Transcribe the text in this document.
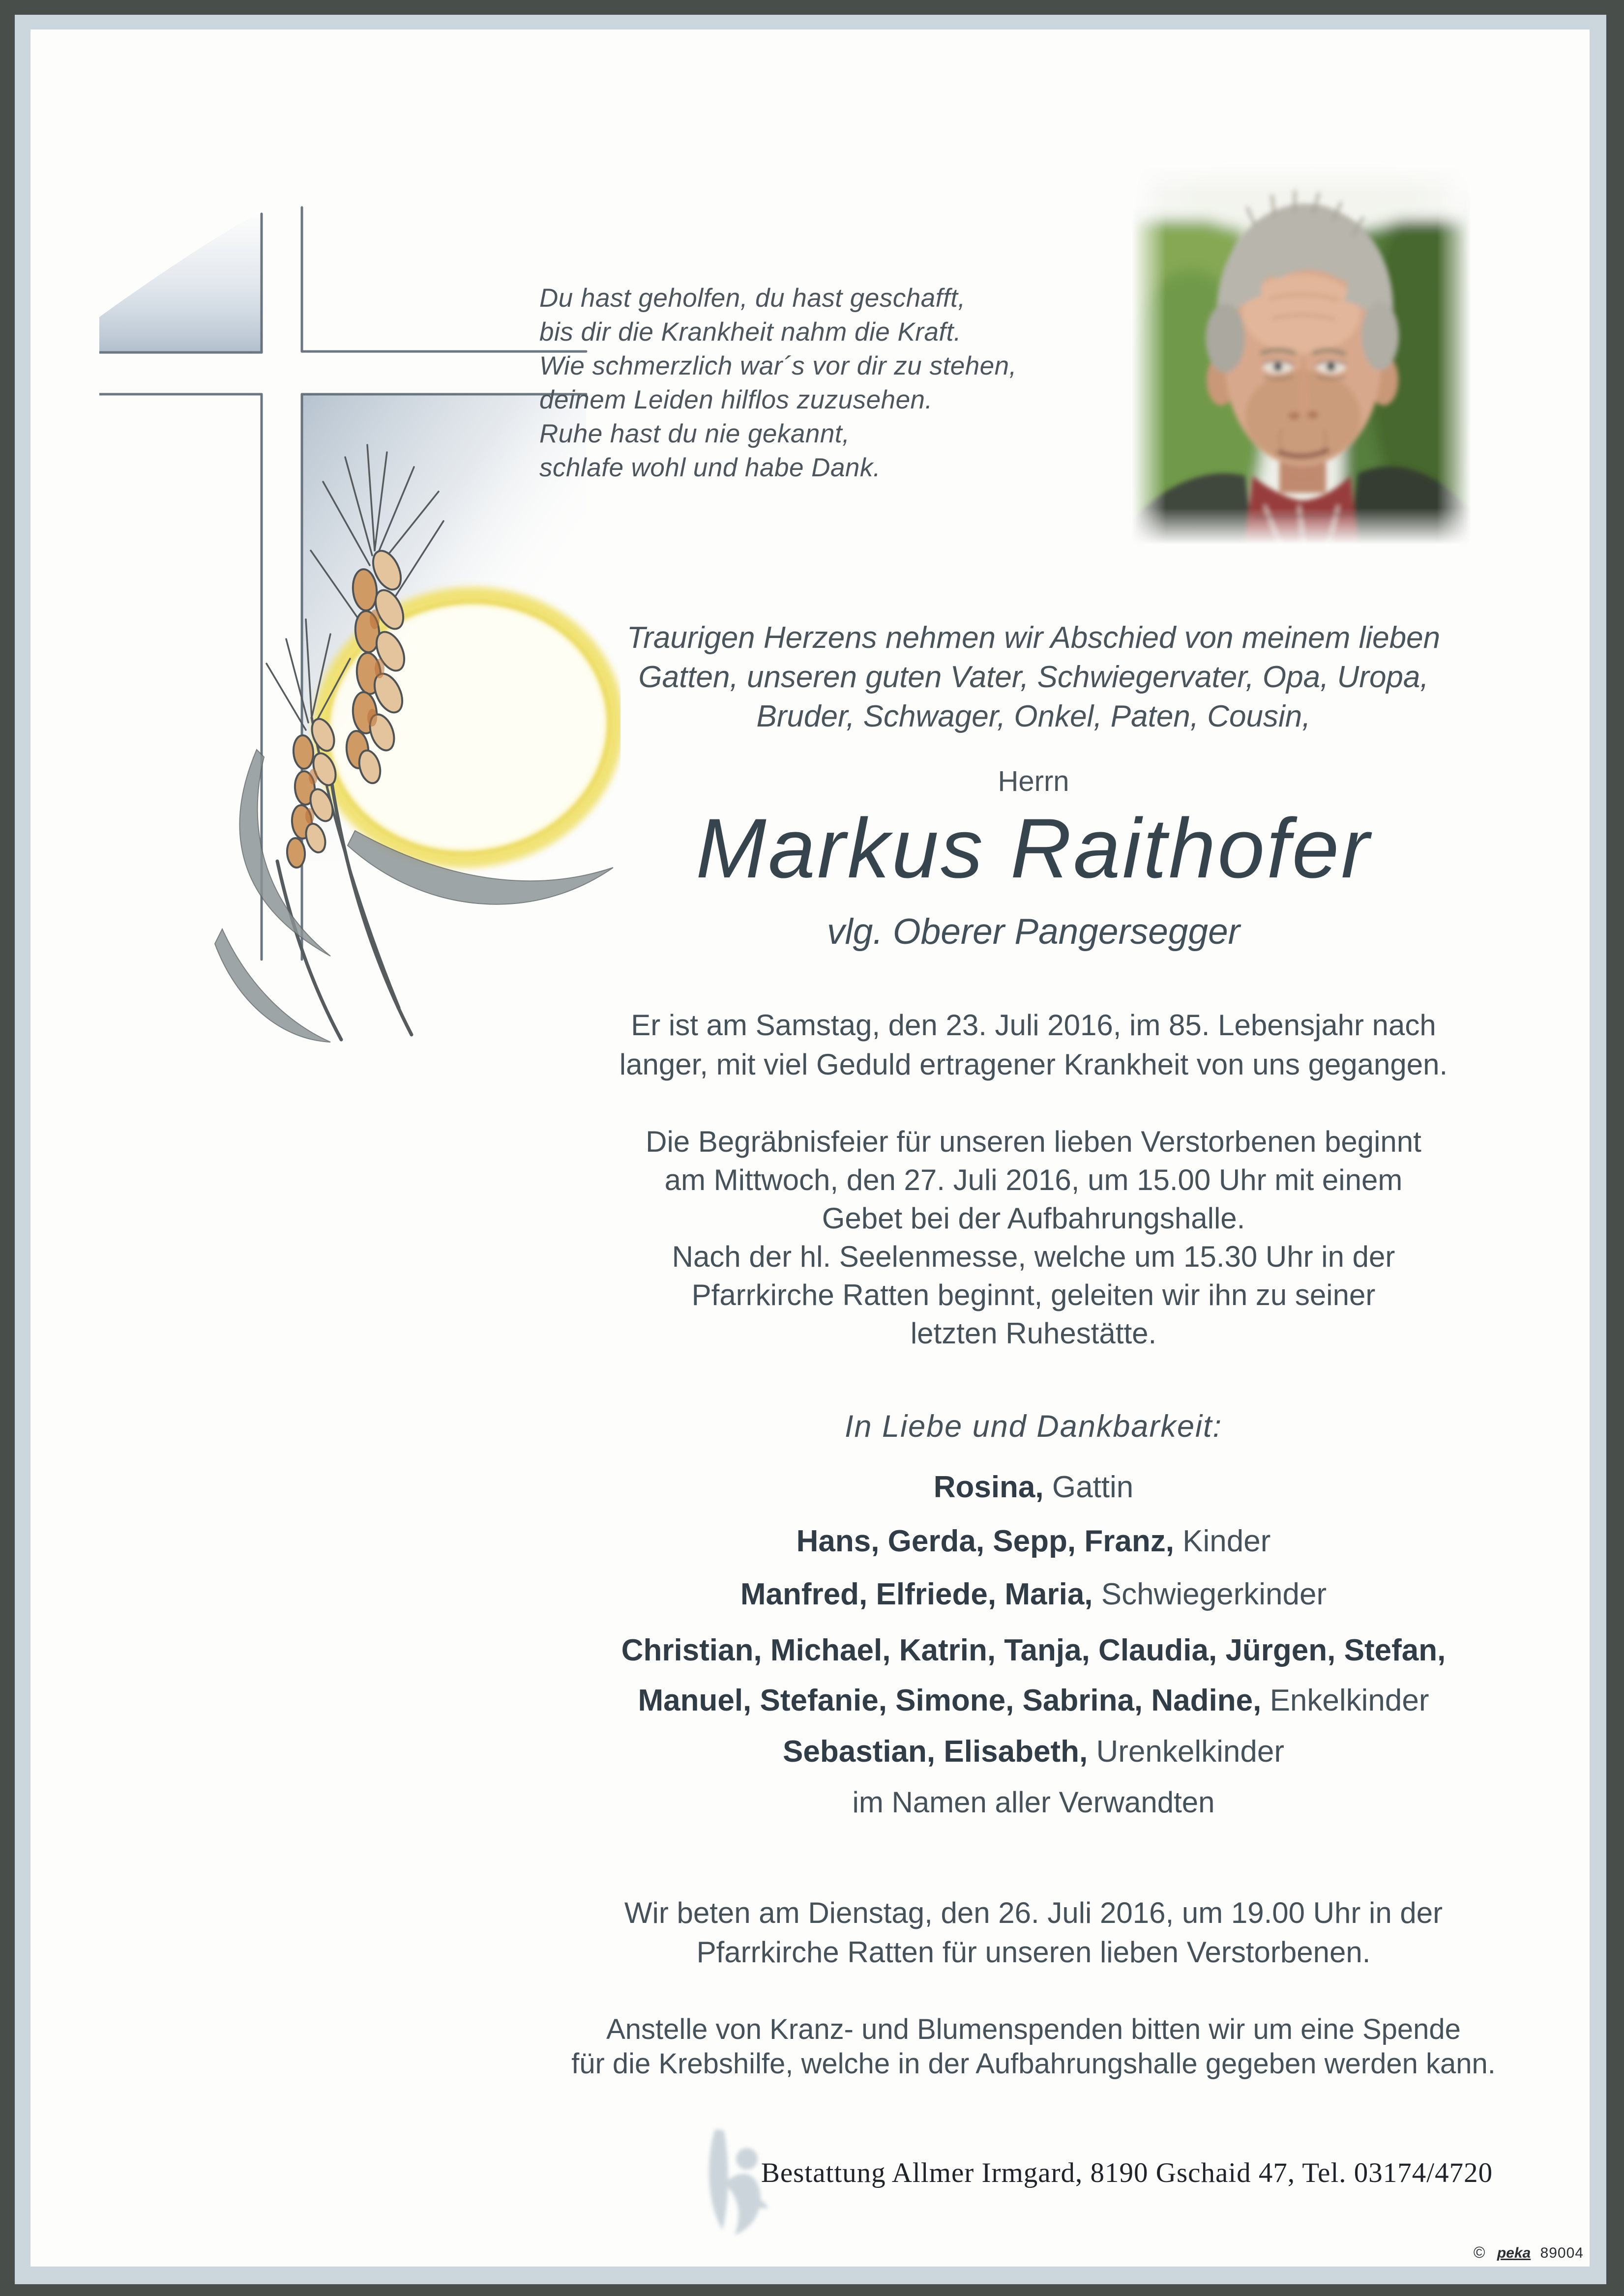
Du hast geholfen, du hast geschafft,
bis dir die Krankheit nahm die Kraft.
Wie schmerzlich war´s vor dir zu stehen,
deinem Leiden hilflos zuzusehen.
Ruhe hast du nie gekannt,
schlafe wohl und habe Dank.
Traurigen Herzens nehmen wir Abschied von meinem lieben
Gatten, unseren guten Vater, Schwiegervater, Opa, Uropa,
Bruder, Schwager, Onkel, Paten, Cousin,
Herrn
Markus Raithofer
vlg. Oberer Pangersegger
Er ist am Samstag, den 23. Juli 2016, im 85. Lebensjahr nach
langer, mit viel Geduld ertragener Krankheit von uns gegangen.
Die Begräbnisfeier für unseren lieben Verstorbenen beginnt
am Mittwoch, den 27. Juli 2016, um 15.00 Uhr mit einem
Gebet bei der Aufbahrungshalle.
Nach der hl. Seelenmesse, welche um 15.30 Uhr in der
Pfarrkirche Ratten beginnt, geleiten wir ihn zu seiner
letzten Ruhestätte.
In Liebe und Dankbarkeit:
Rosina, Gattin
Hans, Gerda, Sepp, Franz, Kinder
Manfred, Elfriede, Maria, Schwiegerkinder
Christian, Michael, Katrin, Tanja, Claudia, Jürgen, Stefan,
Manuel, Stefanie, Simone, Sabrina, Nadine, Enkelkinder
Sebastian, Elisabeth, Urenkelkinder
im Namen aller Verwandten
Wir beten am Dienstag, den 26. Juli 2016, um 19.00 Uhr in der
Pfarrkirche Ratten für unseren lieben Verstorbenen.
Anstelle von Kranz- und Blumenspenden bitten wir um eine Spende
für die Krebshilfe, welche in der Aufbahrungshalle gegeben werden kann.
Bestattung Allmer Irmgard, 8190 Gschaid 47, Tel. 03174/4720
© peka 89004
